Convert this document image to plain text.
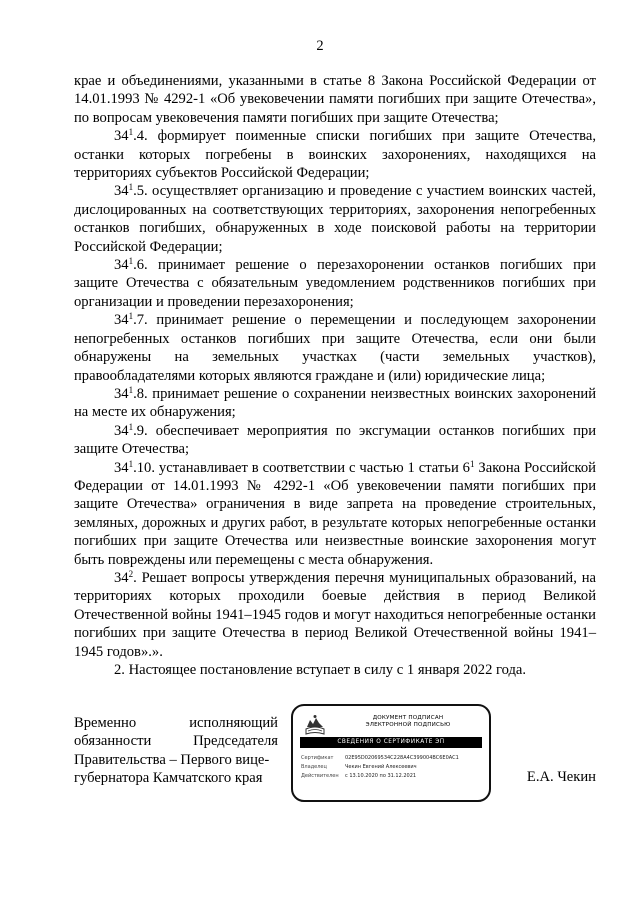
2

крае и объединениями, указанными в статье 8 Закона Российской Федерации от 14.01.1993 № 4292-1 «Об увековечении памяти погибших при защите Отечества», по вопросам увековечения памяти погибших при защите Отечества;

$34^1.4$. формирует поименные списки погибших при защите Отечества, останки которых погребены в воинских захоронениях, находящихся на территориях субъектов Российской Федерации;

$34^1.5$. осуществляет организацию и проведение с участием воинских частей, дислоцированных на соответствующих территориях, захоронения непогребенных останков погибших, обнаруженных в ходе поисковой работы на территории Российской Федерации;

$34^1.6$. принимает решение о перезахоронении останков погибших при защите Отечества с обязательным уведомлением родственников погибших при организации и проведении перезахоронения;

$34^1.7$. принимает решение о перемещении и последующем захоронении непогребенных останков погибших при защите Отечества, если они были обнаружены на земельных участках (части земельных участков), правообладателями которых являются граждане и (или) юридические лица;

$34^1.8$. принимает решение о сохранении неизвестных воинских захоронений на месте их обнаружения;

$34^1.9$. обеспечивает мероприятия по эксгумации останков погибших при защите Отечества;

$34^1.10$. устанавливает в соответствии с частью 1 статьи $6^1$ Закона Российской Федерации от 14.01.1993 № 4292-1 «Об увековечении памяти погибших при защите Отечества» ограничения в виде запрета на проведение строительных, земляных, дорожных и других работ, в результате которых непогребенные останки погибших при защите Отечества или неизвестные воинские захоронения могут быть повреждены или перемещены с места обнаружения.

$34^2$. Решает вопросы утверждения перечня муниципальных образований, на территориях которых проходили боевые действия в период Великой Отечественной войны 1941–1945 годов и могут находиться непогребенные останки погибших при защите Отечества в период Великой Отечественной войны 1941–1945 годов».».

2. Настоящее постановление вступает в силу с 1 января 2022 года.

Временно	исполняющий
обязанности	Председателя
Правительства – Первого вице-
губернатора Камчатского края
ДОКУМЕНТ ПОДПИСАН
ЭЛЕКТРОННОЙ ПОДПИСЬЮ
СВЕДЕНИЯ О СЕРТИФИКАТЕ ЭП
Сертификат 02E95D02069534C228A4C399004BC6E0AC1
Владелец	Чекин Евгений Алексеевич
Действителен с 13.10.2020 по 31.12.2021	Е.А. Чекин
